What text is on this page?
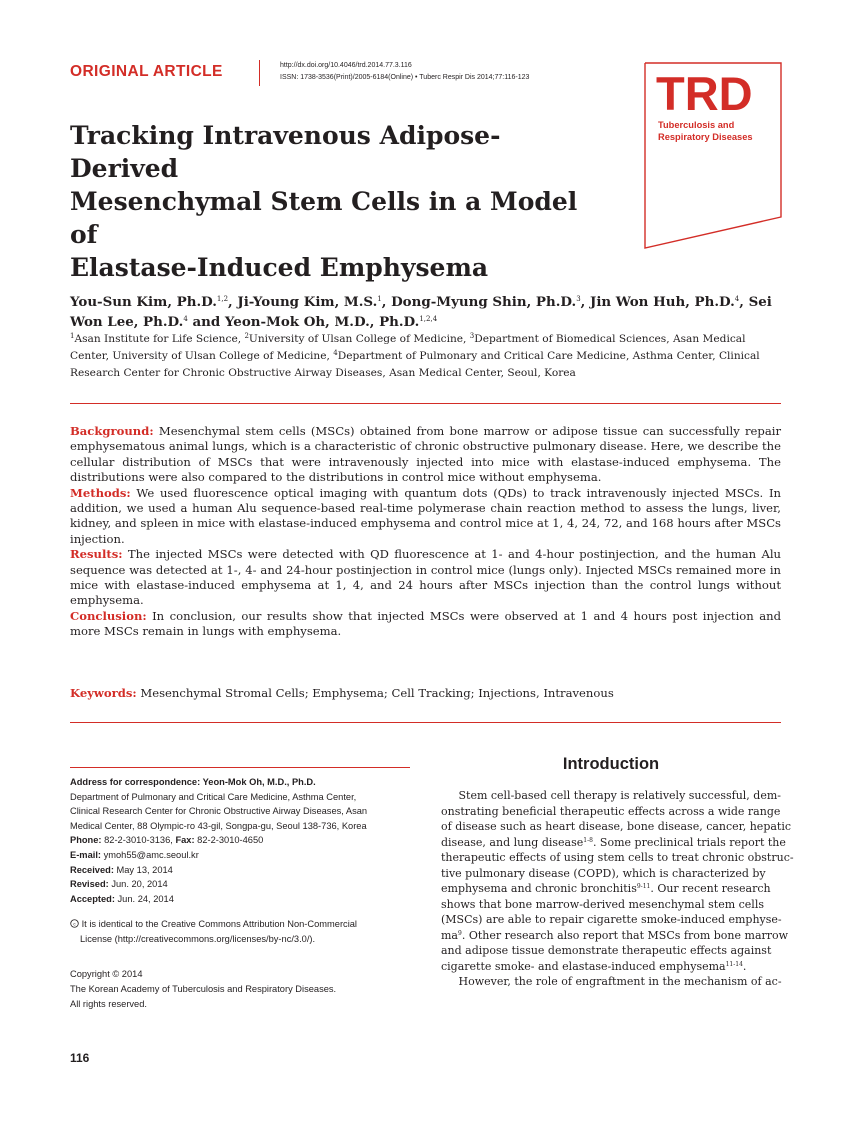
ORIGINAL ARTICLE	http://dx.doi.org/10.4046/trd.2014.77.3.116
ISSN: 1738-3536(Print)/2005-6184(Online) • Tuberc Respir Dis 2014;77:116-123	TRD
Tuberculosis and
Respiratory Diseases
Tracking Intravenous Adipose-Derived
Mesenchymal Stem Cells in a Model of
Elastase-Induced Emphysema
You-Sun Kim, Ph.D.$^{1,2}$, Ji-Young Kim, M.S.$^1$, Dong-Myung Shin, Ph.D.$^3$, Jin Won Huh, Ph.D.$^4$, Sei Won Lee, Ph.D.$^4$ and Yeon-Mok Oh, M.D., Ph.D.$^{1,2,4}$
$^1$Asan Institute for Life Science, $^2$University of Ulsan College of Medicine, $^3$Department of Biomedical Sciences, Asan Medical Center, University of Ulsan College of Medicine, $^4$Department of Pulmonary and Critical Care Medicine, Asthma Center, Clinical Research Center for Chronic Obstructive Airway Diseases, Asan Medical Center, Seoul, Korea

Background: Mesenchymal stem cells (MSCs) obtained from bone marrow or adipose tissue can successfully repair emphysematous animal lungs, which is a characteristic of chronic obstructive pulmonary disease. Here, we describe the cellular distribution of MSCs that were intravenously injected into mice with elastase-induced emphysema. The distributions were also compared to the distributions in control mice without emphysema.

Methods: We used fluorescence optical imaging with quantum dots (QDs) to track intravenously injected MSCs. In addition, we used a human Alu sequence-based real-time polymerase chain reaction method to assess the lungs, liver, kidney, and spleen in mice with elastase-induced emphysema and control mice at 1, 4, 24, 72, and 168 hours after MSCs injection.

Results: The injected MSCs were detected with QD fluorescence at 1- and 4-hour postinjection, and the human Alu sequence was detected at 1-, 4- and 24-hour postinjection in control mice (lungs only). Injected MSCs remained more in mice with elastase-induced emphysema at 1, 4, and 24 hours after MSCs injection than the control lungs without emphysema.

Conclusion: In conclusion, our results show that injected MSCs were observed at 1 and 4 hours post injection and more MSCs remain in lungs with emphysema.

Keywords: Mesenchymal Stromal Cells; Emphysema; Cell Tracking; Injections, Intravenous
Address for correspondence: Yeon-Mok Oh, M.D., Ph.D.
Department of Pulmonary and Critical Care Medicine, Asthma Center,
Clinical Research Center for Chronic Obstructive Airway Diseases, Asan
Medical Center, 88 Olympic-ro 43-gil, Songpa-gu, Seoul 138-736, Korea
Phone: 82-2-3010-3136, Fax: 82-2-3010-4650
E-mail: ymoh55@amc.seoul.kr
Received: May 13, 2014
Revised: Jun. 20, 2014
Accepted: Jun. 24, 2014
c It is identical to the Creative Commons Attribution Non-Commercial
License (http://creativecommons.org/licenses/by-nc/3.0/).
Copyright © 2014
The Korean Academy of Tuberculosis and Respiratory Diseases.
All rights reserved.
Introduction
Stem cell-based cell therapy is relatively successful, dem-
onstrating beneficial therapeutic effects across a wide range
of disease such as heart disease, bone disease, cancer, hepatic
disease, and lung disease$^{1-8}$. Some preclinical trials report the
therapeutic effects of using stem cells to treat chronic obstruc-
tive pulmonary disease (COPD), which is characterized by
emphysema and chronic bronchitis$^{9-11}$. Our recent research
shows that bone marrow-derived mesenchymal stem cells
(MSCs) are able to repair cigarette smoke-induced emphyse-
$ma^9$. Other research also report that MSCs from bone marrow
and adipose tissue demonstrate therapeutic effects against
cigarette smoke- and elastase-induced emphysema$^{11-14}$.
However, the role of engraftment in the mechanism of ac-
116
